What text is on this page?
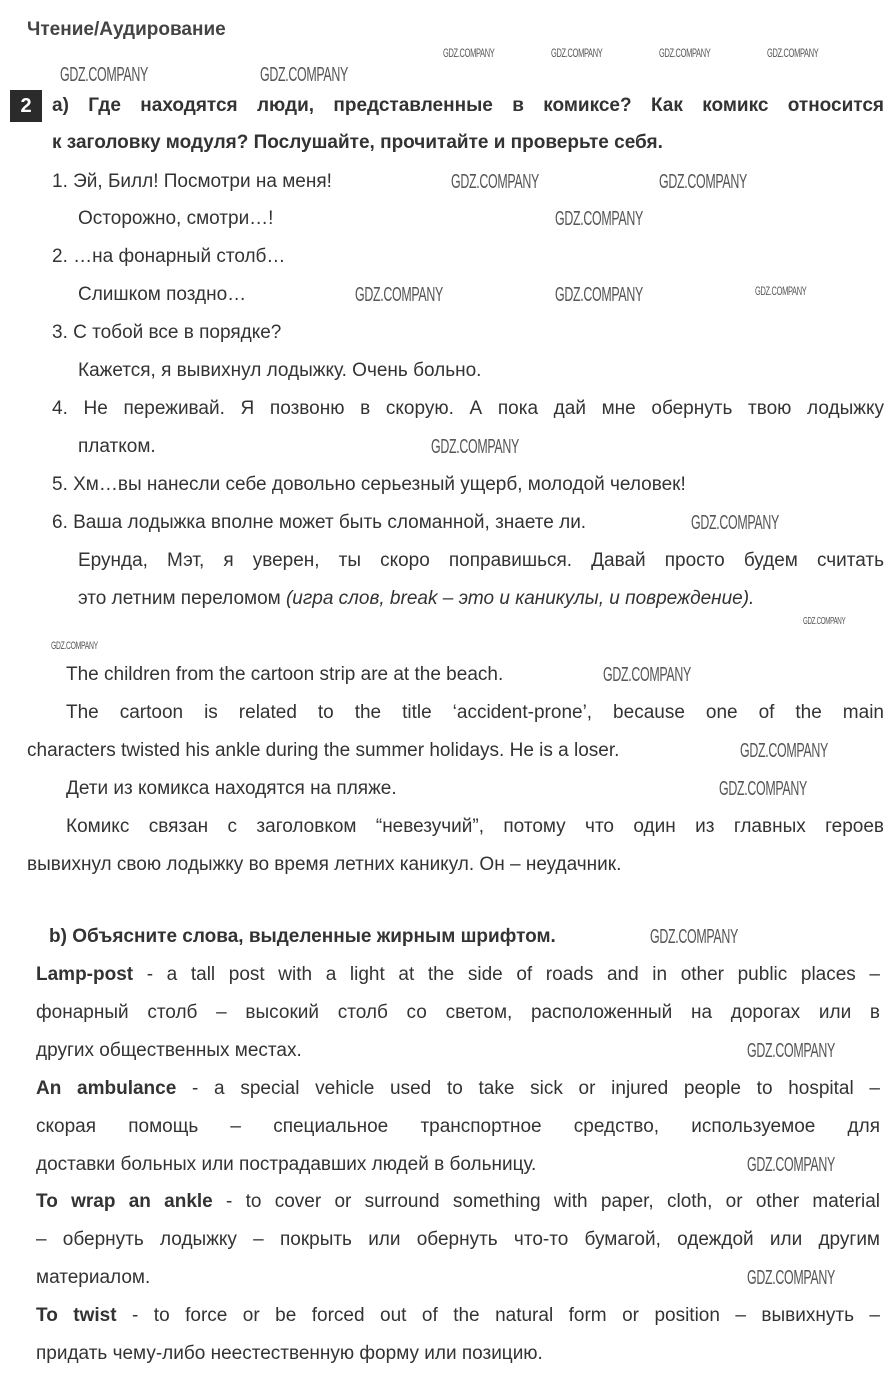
Чтение/Аудирование
2	а) Где находятся люди, представленные в комиксе? Как комикс относится
к заголовку модуля? Послушайте, прочитайте и проверьте себя.
1. Эй, Билл! Посмотри на меня!
Осторожно, смотри…!
2. …на фонарный столб…
Слишком поздно…
3. С тобой все в порядке?
Кажется, я вывихнул лодыжку. Очень больно.
4. Не переживай. Я позвоню в скорую. А пока дай мне обернуть твою лодыжку
платком.
5. Хм…вы нанесли себе довольно серьезный ущерб, молодой человек!
6. Ваша лодыжка вполне может быть сломанной, знаете ли.
Ерунда, Мэт, я уверен, ты скоро поправишься. Давай просто будем считать
это летним переломом (игра слов, break – это и каникулы, и повреждение).
The children from the cartoon strip are at the beach.
The cartoon is related to the title ‘accident-prone’, because one of the main
characters twisted his ankle during the summer holidays. He is a loser.
Дети из комикса находятся на пляже.
Комикс связан с заголовком “невезучий”, потому что один из главных героев
вывихнул свою лодыжку во время летних каникул. Он – неудачник.
b) Объясните слова, выделенные жирным шрифтом.
Lamp-post - a tall post with a light at the side of roads and in other public places –
фонарный столб – высокий столб со светом, расположенный на дорогах или в
других общественных местах.
An ambulance - a special vehicle used to take sick or injured people to hospital –
скорая помощь – специальное транспортное средство, используемое для
доставки больных или пострадавших людей в больницу.
To wrap an ankle - to cover or surround something with paper, cloth, or other material
– обернуть лодыжку – покрыть или обернуть что-то бумагой, одеждой или другим
материалом.
To twist - to force or be forced out of the natural form or position – вывихнуть –
придать чему-либо неестественную форму или позицию.
GDZ.COMPANY	GDZ.COMPANY	GDZ.COMPANY	GDZ.COMPANY
GDZ.COMPANY	GDZ.COMPANY
GDZ.COMPANY	GDZ.COMPANY
GDZ.COMPANY
GDZ.COMPANY	GDZ.COMPANY	GDZ.COMPANY
GDZ.COMPANY
GDZ.COMPANY
GDZ.COMPANY
GDZ.COMPANY
GDZ.COMPANY
GDZ.COMPANY
GDZ.COMPANY
GDZ.COMPANY
GDZ.COMPANY
GDZ.COMPANY
GDZ.COMPANY
